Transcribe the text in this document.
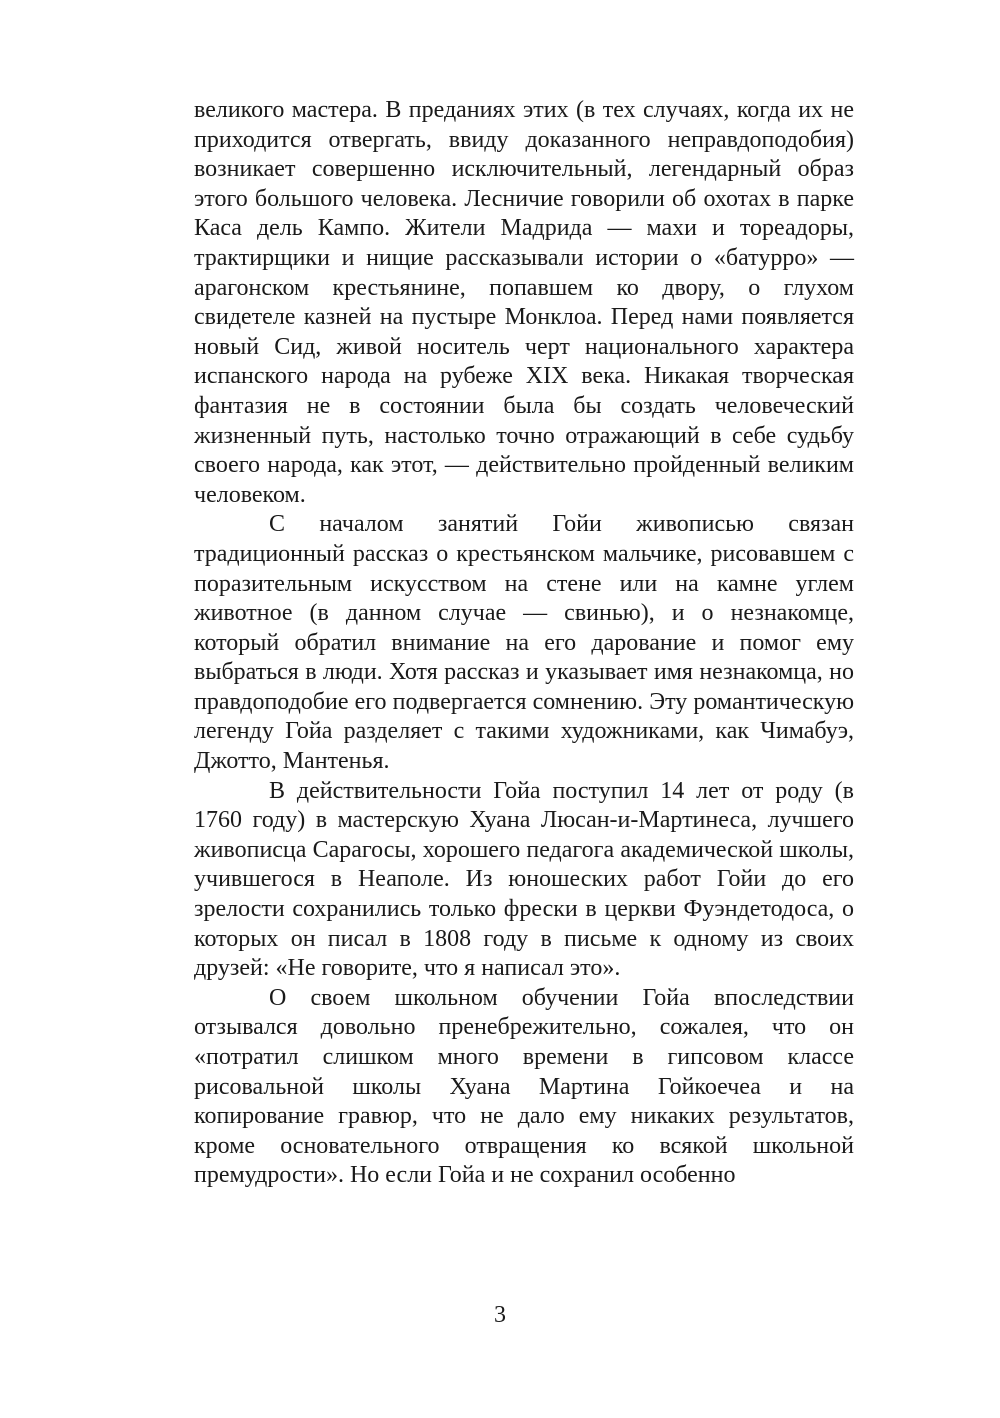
великого мастера. В преданиях этих (в тех случаях, когда их не приходится отвергать, ввиду доказанного неправдоподобия) возникает совершенно исключительный, легендарный образ этого большого человека. Лесничие говорили об охотах в парке Каса дель Кампо. Жители Мадрида — махи и тореадоры, трактирщики и нищие рассказывали истории о «батурро» — арагонском крестьянине, попавшем ко двору, о глухом свидетеле казней на пустыре Монклоа. Перед нами появляется новый Сид, живой носитель черт национального характера испанского народа на рубеже XIX века. Никакая творческая фантазия не в состоянии была бы создать человеческий жизненный путь, настолько точно отражающий в себе судьбу своего народа, как этот, — действительно пройденный великим человеком.

С началом занятий Гойи живописью связан традиционный рассказ о крестьянском мальчике, рисовавшем с поразительным искусством на стене или на камне углем животное (в данном случае — свинью), и о незнакомце, который обратил внимание на его дарование и помог ему выбраться в люди. Хотя рассказ и указывает имя незнакомца, но правдоподобие его подвергается сомнению. Эту романтическую легенду Гойа разделяет с такими художниками, как Чимабуэ, Джотто, Мантенья.

В действительности Гойа поступил 14 лет от роду (в 1760 году) в мастерскую Хуана Люсан-и-Мартинеса, лучшего живописца Сарагосы, хорошего педагога академической школы, учившегося в Неаполе. Из юношеских работ Гойи до его зрелости сохранились только фрески в церкви Фуэндетодоса, о которых он писал в 1808 году в письме к одному из своих друзей: «Не говорите, что я написал это».

О своем школьном обучении Гойа впоследствии отзывался довольно пренебрежительно, сожалея, что он «потратил слишком много времени в гипсовом классе рисовальной школы Хуана Мартина Гойкоечеа и на копирование гравюр, что не дало ему никаких результатов, кроме основательного отвращения ко всякой школьной премудрости». Но если Гойа и не сохранил особенно

3
